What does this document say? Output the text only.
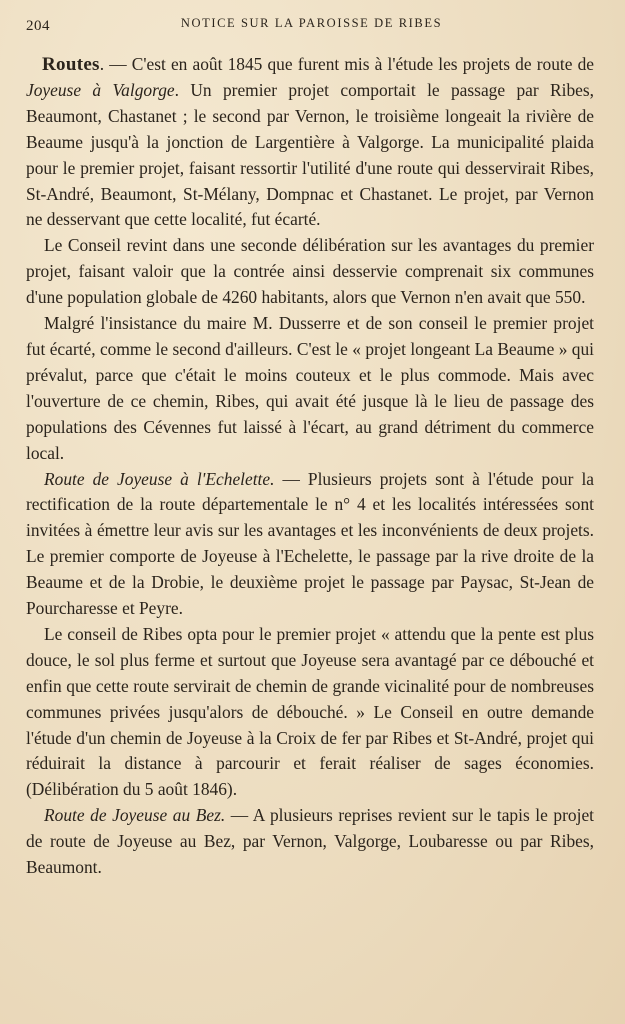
204	NOTICE SUR LA PAROISSE DE RIBES

Routes. — C'est en août 1845 que furent mis à l'étude les projets de route de Joyeuse à Valgorge. Un premier projet comportait le passage par Ribes, Beaumont, Chastanet ; le second par Vernon, le troisième longeait la rivière de Beaume jusqu'à la jonction de Largentière à Valgorge. La municipalité plaida pour le premier projet, faisant ressortir l'utilité d'une route qui desservirait Ribes, St-André, Beaumont, St-Mélany, Dompnac et Chastanet. Le projet, par Vernon ne desservant que cette localité, fut écarté.

Le Conseil revint dans une seconde délibération sur les avantages du premier projet, faisant valoir que la contrée ainsi desservie comprenait six communes d'une population globale de 4260 habitants, alors que Vernon n'en avait que 550.

Malgré l'insistance du maire M. Dusserre et de son conseil le premier projet fut écarté, comme le second d'ailleurs. C'est le « projet longeant La Beaume » qui prévalut, parce que c'était le moins couteux et le plus commode. Mais avec l'ouverture de ce chemin, Ribes, qui avait été jusque là le lieu de passage des populations des Cévennes fut laissé à l'écart, au grand détriment du commerce local.

Route de Joyeuse à l'Echelette. — Plusieurs projets sont à l'étude pour la rectification de la route départementale le n° 4 et les localités intéressées sont invitées à émettre leur avis sur les avantages et les inconvénients de deux projets. Le premier comporte de Joyeuse à l'Echelette, le passage par la rive droite de la Beaume et de la Drobie, le deuxième projet le passage par Paysac, St-Jean de Pourcharesse et Peyre.

Le conseil de Ribes opta pour le premier projet « attendu que la pente est plus douce, le sol plus ferme et surtout que Joyeuse sera avantagé par ce débouché et enfin que cette route servirait de chemin de grande vicinalité pour de nombreuses communes privées jusqu'alors de débouché. » Le Conseil en outre demande l'étude d'un chemin de Joyeuse à la Croix de fer par Ribes et St-André, projet qui réduirait la distance à parcourir et ferait réaliser de sages économies. (Délibération du 5 août 1846).

Route de Joyeuse au Bez. — A plusieurs reprises revient sur le tapis le projet de route de Joyeuse au Bez, par Vernon, Valgorge, Loubaresse ou par Ribes, Beaumont.
